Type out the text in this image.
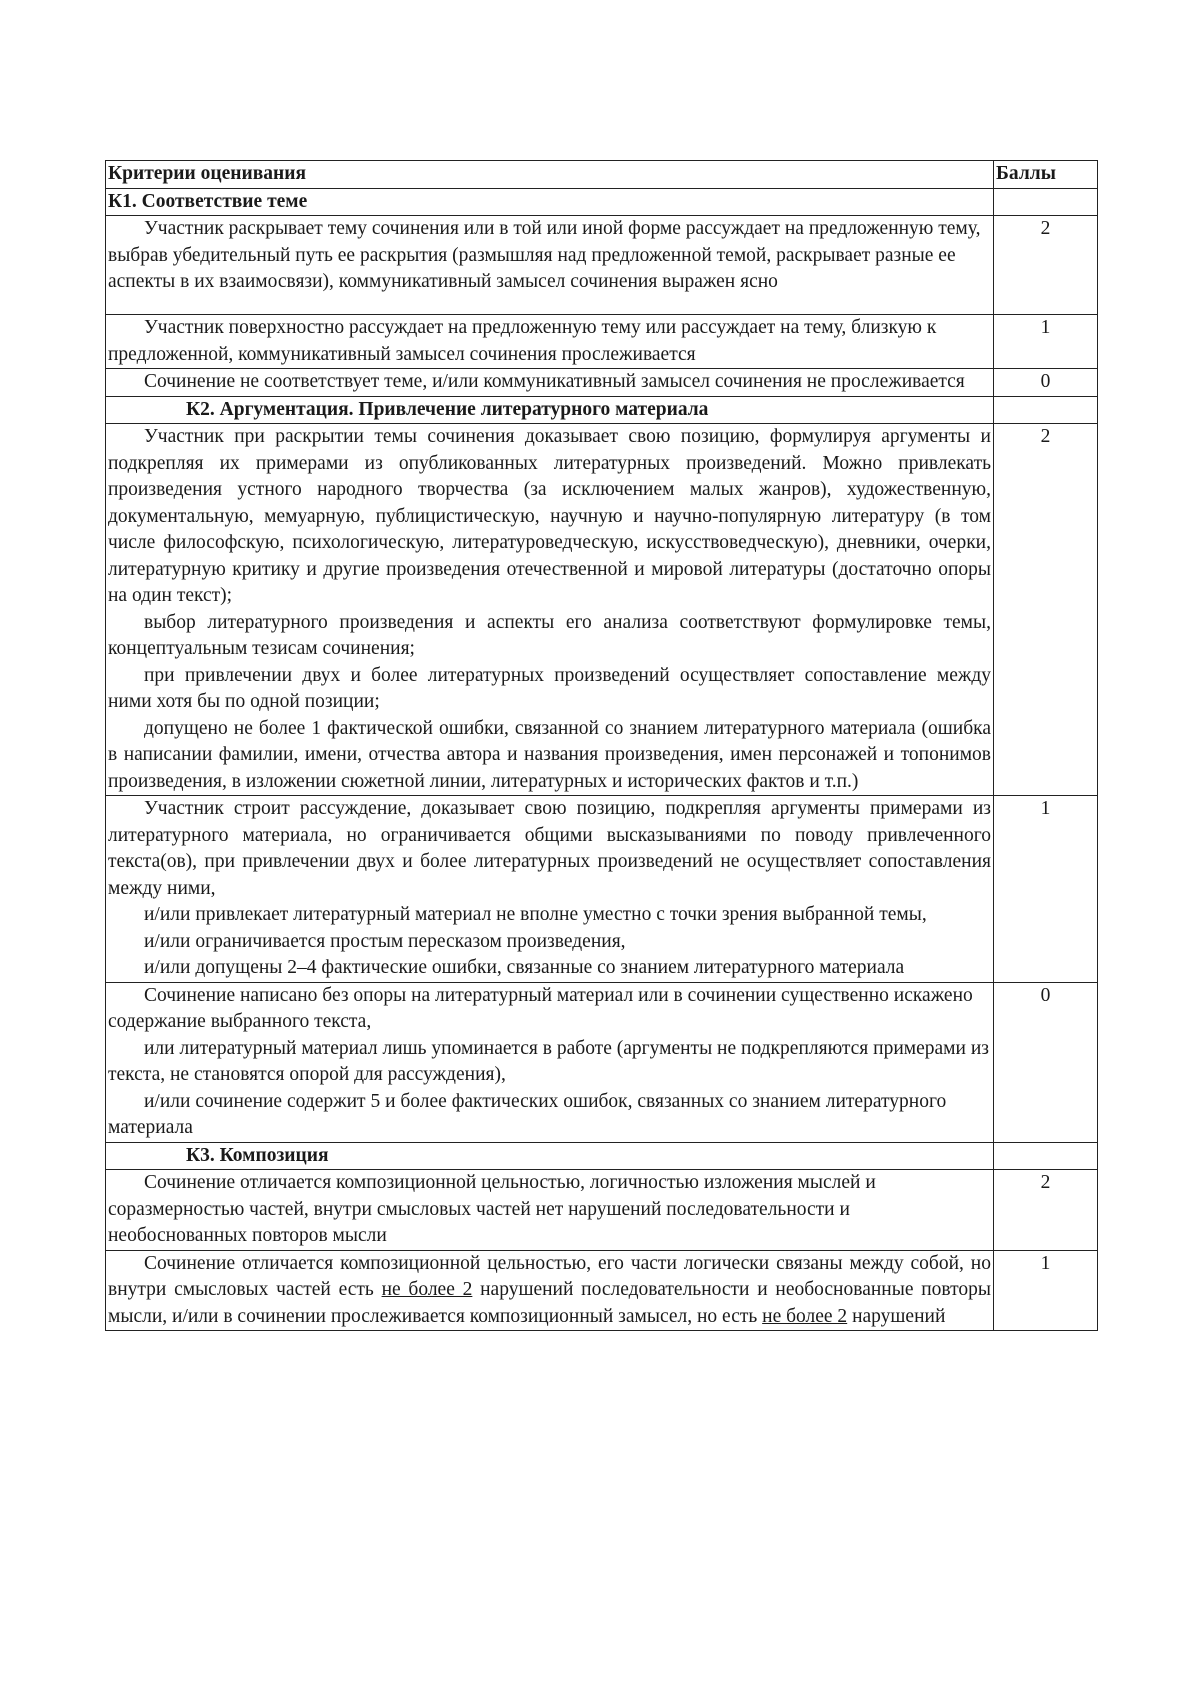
Критерии оценивания	Баллы
К1. Соответствие теме	

Участник раскрывает тему сочинения или в той или иной форме рассуждает на предложенную тему, выбрав убедительный путь ее раскрытия (размышляя над предложенной темой, раскрывает разные ее аспекты в их взаимосвязи), коммуникативный замысел сочинения выражен ясно	2

Участник поверхностно рассуждает на предложенную тему или рассуждает на тему, близкую к предложенной, коммуникативный замысел сочинения прослеживается	1

Сочинение не соответствует теме, и/или коммуникативный замысел сочинения не прослеживается	0
К2. Аргументация. Привлечение литературного материала	

Участник при раскрытии темы сочинения доказывает свою позицию, формулируя аргументы и подкрепляя их примерами из опубликованных литературных произведений. Можно привлекать произведения устного народного творчества (за исключением малых жанров), художественную, документальную, мемуарную, публицистическую, научную и научно-популярную литературу (в том числе философскую, психологическую, литературоведческую, искусствоведческую), дневники, очерки, литературную критику и другие произведения отечественной и мировой литературы (достаточно опоры на один текст);

выбор литературного произведения и аспекты его анализа соответствуют формулировке темы, концептуальным тезисам сочинения;

при привлечении двух и более литературных произведений осуществляет сопоставление между ними хотя бы по одной позиции;

допущено не более 1 фактической ошибки, связанной со знанием литературного материала (ошибка в написании фамилии, имени, отчества автора и названия произведения, имен персонажей и топонимов произведения, в изложении сюжетной линии, литературных и исторических фактов и т.п.)	2

Участник строит рассуждение, доказывает свою позицию, подкрепляя аргументы примерами из литературного материала, но ограничивается общими высказываниями по поводу привлеченного текста(ов), при привлечении двух и более литературных произведений не осуществляет сопоставления между ними,

и/или привлекает литературный материал не вполне уместно с точки зрения выбранной темы,

и/или ограничивается простым пересказом произведения,

и/или допущены 2–4 фактические ошибки, связанные со знанием литературного материала	1

Сочинение написано без опоры на литературный материал или в сочинении существенно искажено содержание выбранного текста,

или литературный материал лишь упоминается в работе (аргументы не подкрепляются примерами из текста, не становятся опорой для рассуждения),

и/или сочинение содержит 5 и более фактических ошибок, связанных со знанием литературного материала	0
К3. Композиция	

Сочинение отличается композиционной цельностью, логичностью изложения мыслей и соразмерностью частей, внутри смысловых частей нет нарушений последовательности и необоснованных повторов мысли	2

Сочинение отличается композиционной цельностью, его части логически связаны между собой, но внутри смысловых частей есть не более 2 нарушений последовательности и необоснованные повторы мысли, и/или в сочинении прослеживается композиционный замысел, но есть не более 2 нарушений	1
